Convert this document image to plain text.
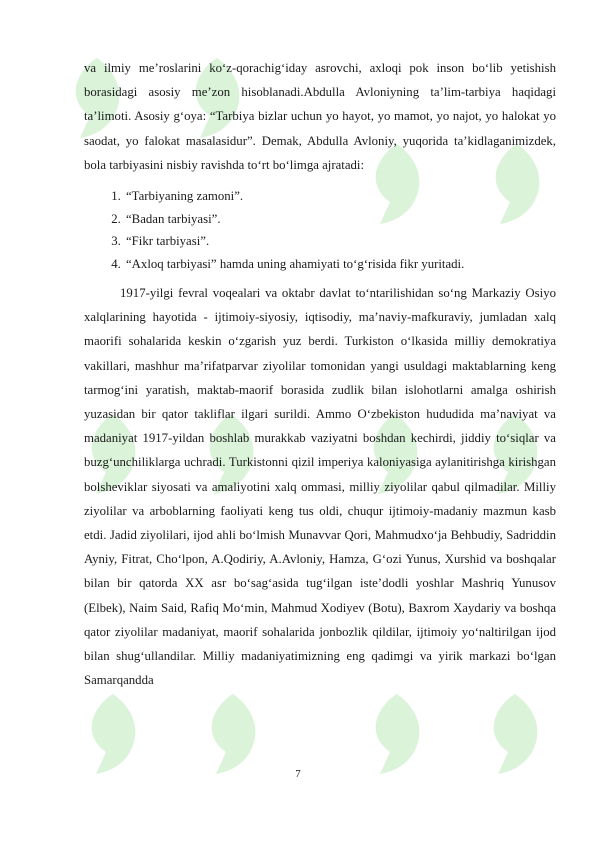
va ilmiy me’roslarini ko‘z-qorachig‘iday asrovchi, axloqi pok inson bo‘lib yetishish borasidagi asosiy me’zon hisoblanadi.Abdulla Avloniyning ta’lim-tarbiya haqidagi ta’limoti. Asosiy g‘oya: “Tarbiya bizlar uchun yo hayot, yo mamot, yo najot, yo halokat yo saodat, yo falokat masalasidur”. Demak, Abdulla Avloniy, yuqorida ta’kidlaganimizdek, bola tarbiyasini nisbiy ravishda to‘rt bo‘limga ajratadi:

1. “Tarbiyaning zamoni”.
2. “Badan tarbiyasi”.
3. “Fikr tarbiyasi”.
4. “Axloq tarbiyasi” hamda uning ahamiyati to‘g‘risida fikr yuritadi.

1917-yilgi fevral voqealari va oktabr davlat to‘ntarilishidan so‘ng Markaziy Osiyo xalqlarining hayotida - ijtimoiy-siyosiy, iqtisodiy, ma’naviy-mafkuraviy, jumladan xalq maorifi sohalarida keskin o‘zgarish yuz berdi. Turkiston o‘lkasida milliy demokratiya vakillari, mashhur ma’rifatparvar ziyolilar tomonidan yangi usuldagi maktablarning keng tarmog‘ini yaratish, maktab-maorif borasida zudlik bilan islohotlarni amalga oshirish yuzasidan bir qator takliflar ilgari surildi. Ammo O‘zbekiston hududida ma’naviyat va madaniyat 1917-yildan boshlab murakkab vaziyatni boshdan kechirdi, jiddiy to‘siqlar va buzg‘unchiliklarga uchradi. Turkistonni qizil imperiya kaloniyasiga aylanitirishga kirishgan bolsheviklar siyosati va amaliyotini xalq ommasi, milliy ziyolilar qabul qilmadilar. Milliy ziyolilar va arboblarning faoliyati keng tus oldi, chuqur ijtimoiy-madaniy mazmun kasb etdi. Jadid ziyolilari, ijod ahli bo‘lmish Munavvar Qori, Mahmudxo‘ja Behbudiy, Sadriddin Ayniy, Fitrat, Cho‘lpon, A.Qodiriy, A.Avloniy, Hamza, G‘ozi Yunus, Xurshid va boshqalar bilan bir qatorda XX asr bo‘sag‘asida tug‘ilgan iste’dodli yoshlar Mashriq Yunusov (Elbek), Naim Said, Rafiq Mo‘min, Mahmud Xodiyev (Botu), Baxrom Xaydariy va boshqa qator ziyolilar madaniyat, maorif sohalarida jonbozlik qildilar, ijtimoiy yo‘naltirilgan ijod bilan shug‘ullandilar. Milliy madaniyatimizning eng qadimgi va yirik markazi bo‘lgan Samarqandda

7
